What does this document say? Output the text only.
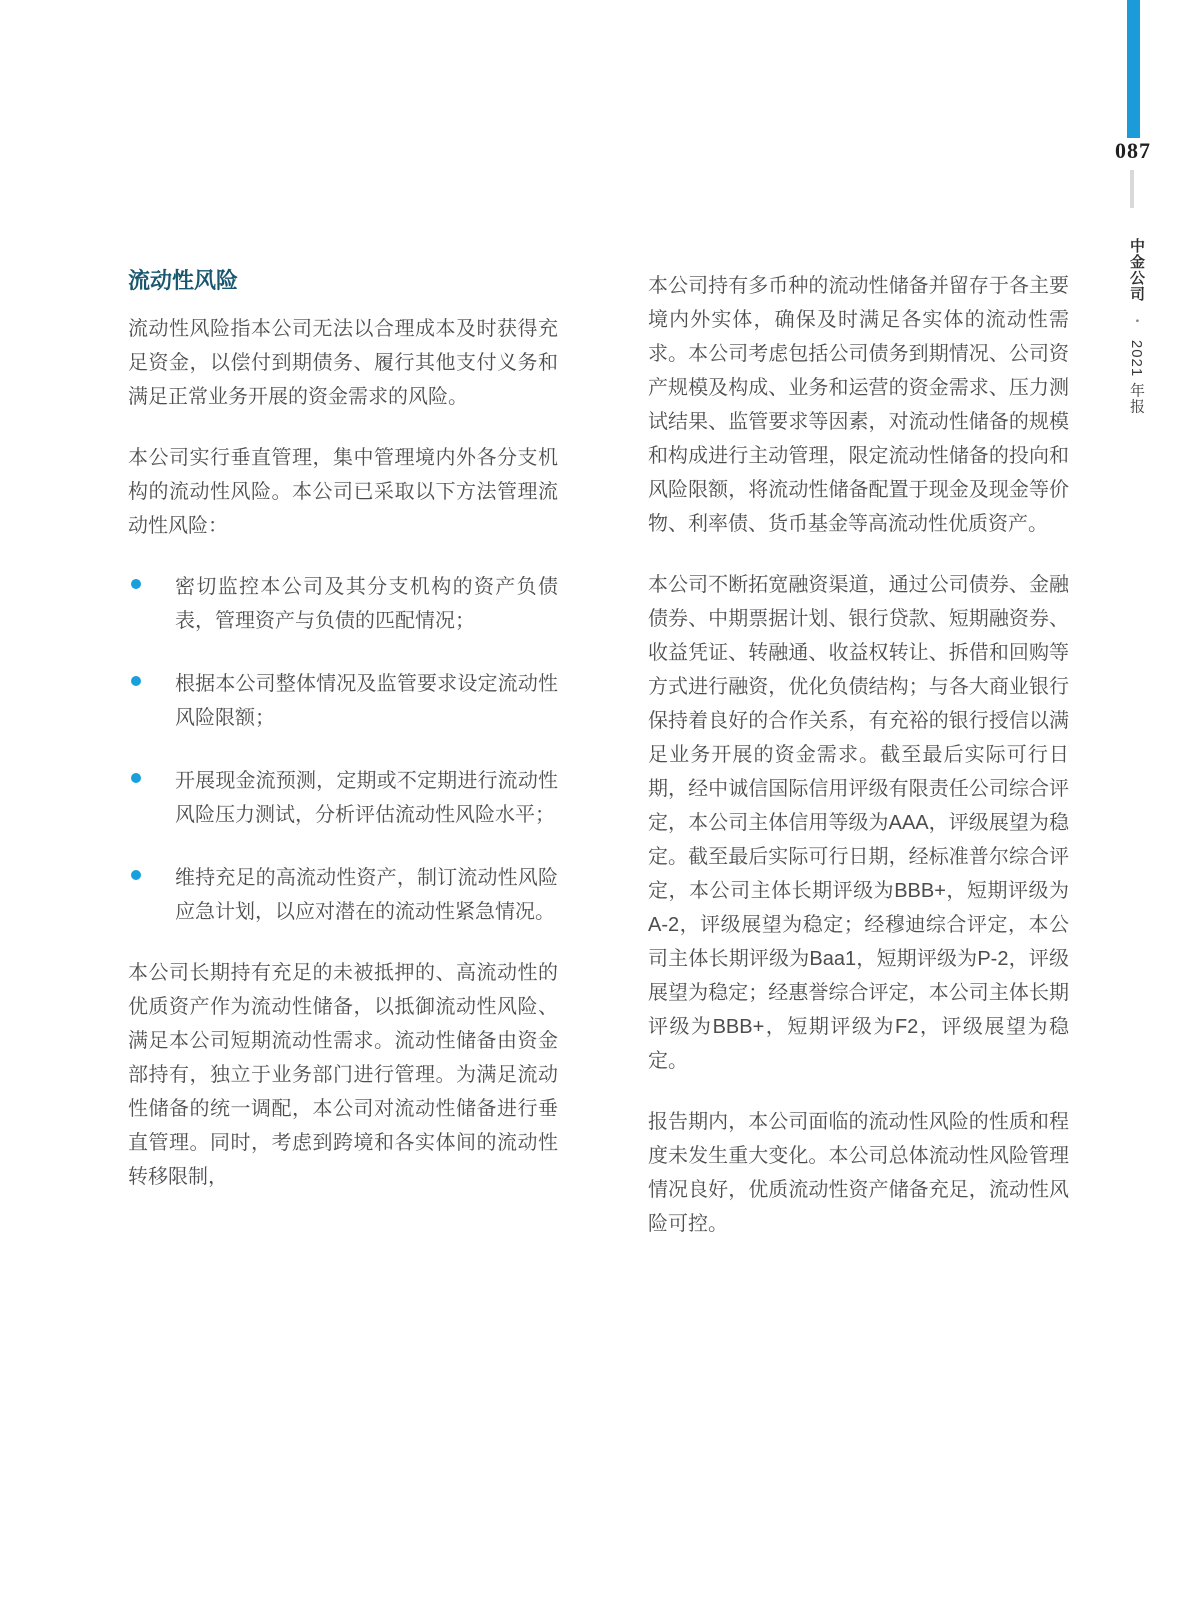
087
中金公司 • 2021 年报
流动性风险

流动性风险指本公司无法以合理成本及时获得充足资金，以偿付到期债务、履行其他支付义务和满足正常业务开展的资金需求的风险。

本公司实行垂直管理，集中管理境内外各分支机构的流动性风险。本公司已采取以下方法管理流动性风险：

密切监控本公司及其分支机构的资产负债表，管理资产与负债的匹配情况；
根据本公司整体情况及监管要求设定流动性风险限额；
开展现金流预测，定期或不定期进行流动性风险压力测试，分析评估流动性风险水平；
维持充足的高流动性资产，制订流动性风险应急计划，以应对潜在的流动性紧急情况。

本公司长期持有充足的未被抵押的、高流动性的优质资产作为流动性储备，以抵御流动性风险、满足本公司短期流动性需求。流动性储备由资金部持有，独立于业务部门进行管理。为满足流动性储备的统一调配，本公司对流动性储备进行垂直管理。同时，考虑到跨境和各实体间的流动性转移限制，

本公司持有多币种的流动性储备并留存于各主要境内外实体，确保及时满足各实体的流动性需求。本公司考虑包括公司债务到期情况、公司资产规模及构成、业务和运营的资金需求、压力测试结果、监管要求等因素，对流动性储备的规模和构成进行主动管理，限定流动性储备的投向和风险限额，将流动性储备配置于现金及现金等价物、利率债、货币基金等高流动性优质资产。

本公司不断拓宽融资渠道，通过公司债券、金融债券、中期票据计划、银行贷款、短期融资券、收益凭证、转融通、收益权转让、拆借和回购等方式进行融资，优化负债结构；与各大商业银行保持着良好的合作关系，有充裕的银行授信以满足业务开展的资金需求。截至最后实际可行日期，经中诚信国际信用评级有限责任公司综合评定，本公司主体信用等级为AAA，评级展望为稳定。截至最后实际可行日期，经标准普尔综合评定，本公司主体长期评级为BBB+，短期评级为A-2，评级展望为稳定；经穆迪综合评定，本公司主体长期评级为Baa1，短期评级为P-2，评级展望为稳定；经惠誉综合评定，本公司主体长期评级为BBB+，短期评级为F2，评级展望为稳定。

报告期内，本公司面临的流动性风险的性质和程度未发生重大变化。本公司总体流动性风险管理情况良好，优质流动性资产储备充足，流动性风险可控。
